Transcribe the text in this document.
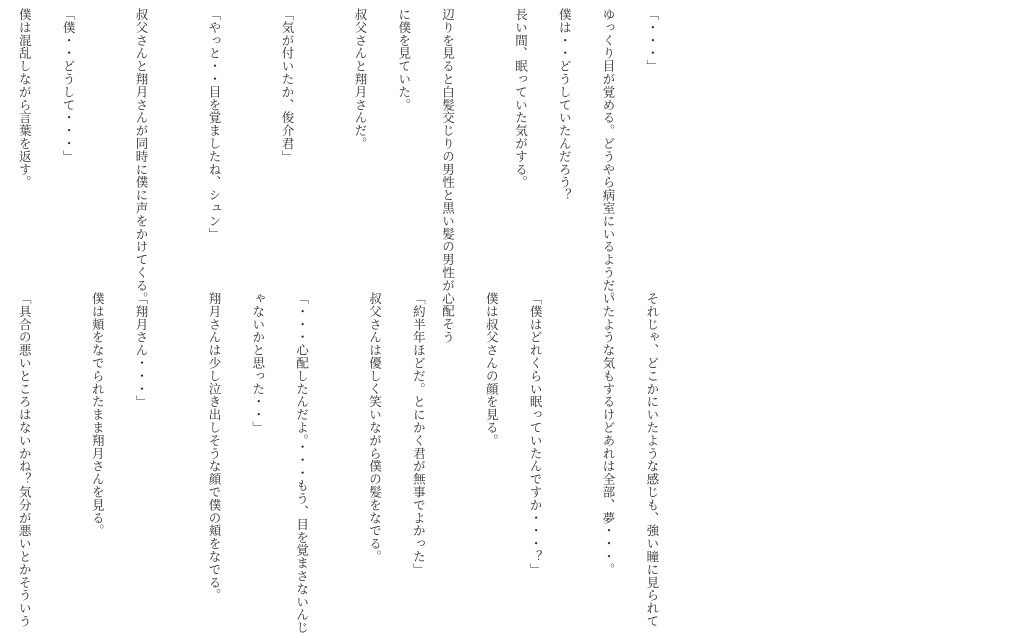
「・・・」

ゆっくり目が覚める。どうやら病室にいるようだ。

僕は・・どうしていたんだろう？

長い間、眠っていた気がする。

辺りを見ると白髪交じりの男性と黒い髪の男性が心配そう

に僕を見ていた。

叔父さんと翔月さんだ。

「気が付いたか、俊介君」

「やっと・・目を覚ましたね、シュン」

叔父さんと翔月さんが同時に僕に声をかけてくる。

「僕・・どうして・・・」

僕は混乱しながら言葉を返す。

それじゃ、どこかにいたような感じも、強い瞳に見られて

いたような気もするけどあれは全部、夢・・・。

「僕はどれくらい眠っていたんですか・・・？」

僕は叔父さんの顔を見る。

「約半年ほどだ。とにかく君が無事でよかった」

叔父さんは優しく笑いながら僕の髪をなでる。

「・・・心配したんだよ。・・・もう、目を覚まさないんじ

ゃないかと思った・・」

翔月さんは少し泣き出しそうな顔で僕の頬をなでる。

「翔月さん・・・」

僕は頬をなでられたまま翔月さんを見る。

「具合の悪いところはないかね？気分が悪いとかそういう
